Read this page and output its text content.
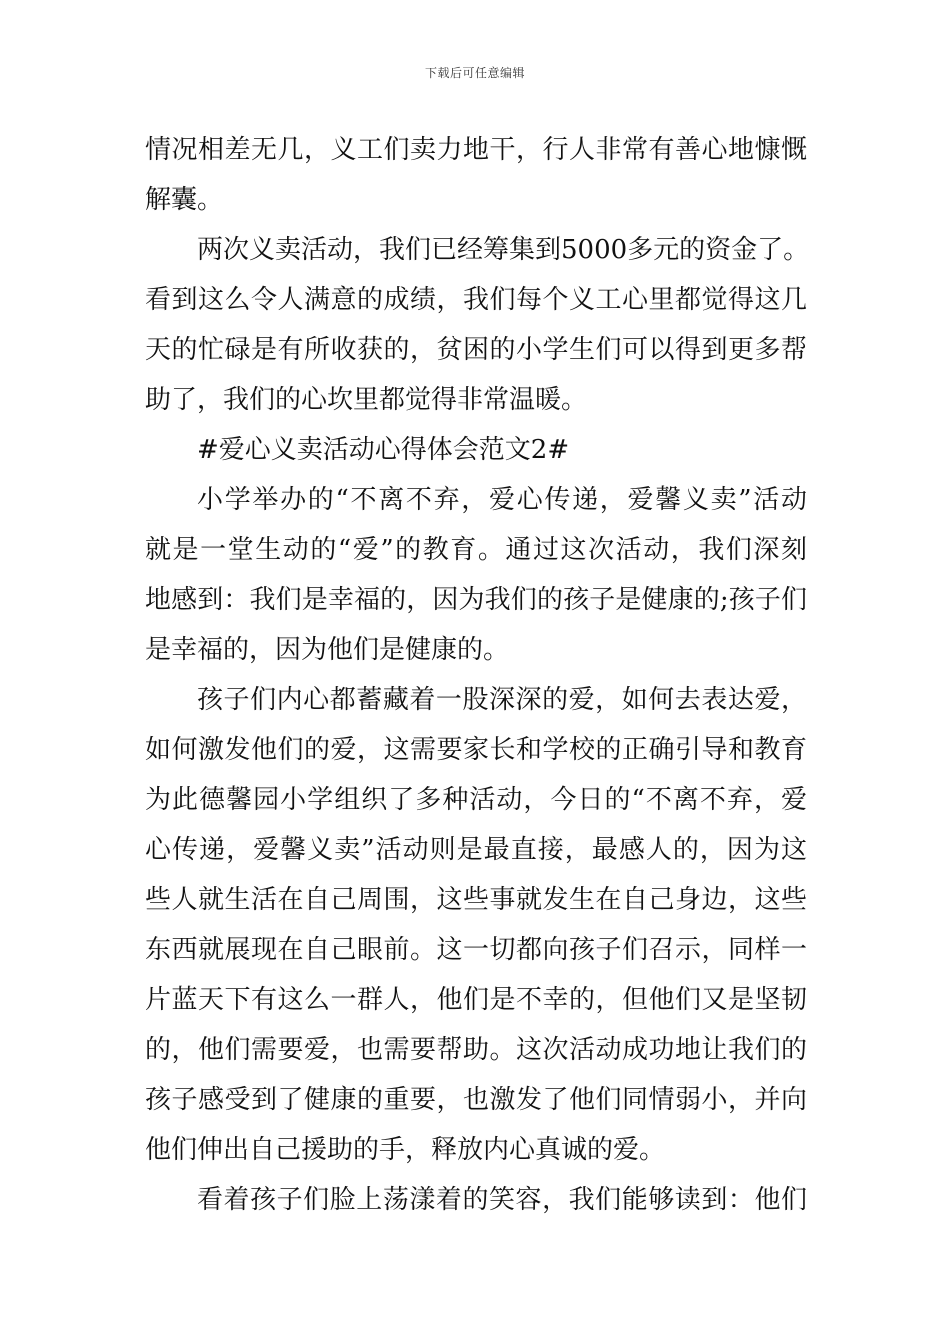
下载后可任意编辑
情况相差无几，义工们卖力地干，行人非常有善心地慷慨
解囊。
两次义卖活动，我们已经筹集到5000多元的资金了。
看到这么令人满意的成绩，我们每个义工心里都觉得这几
天的忙碌是有所收获的，贫困的小学生们可以得到更多帮
助了，我们的心坎里都觉得非常温暖。
#爱心义卖活动心得体会范文2#
小学举办的“不离不弃，爱心传递，爱馨义卖”活动
就是一堂生动的“爱”的教育。通过这次活动，我们深刻
地感到：我们是幸福的，因为我们的孩子是健康的;孩子们
是幸福的，因为他们是健康的。
孩子们内心都蓄藏着一股深深的爱，如何去表达爱，
如何激发他们的爱，这需要家长和学校的正确引导和教育
为此德馨园小学组织了多种活动，今日的“不离不弃，爱
心传递，爱馨义卖”活动则是最直接，最感人的，因为这
些人就生活在自己周围，这些事就发生在自己身边，这些
东西就展现在自己眼前。这一切都向孩子们召示，同样一
片蓝天下有这么一群人，他们是不幸的，但他们又是坚韧
的，他们需要爱，也需要帮助。这次活动成功地让我们的
孩子感受到了健康的重要，也激发了他们同情弱小，并向
他们伸出自己援助的手，释放内心真诚的爱。
看着孩子们脸上荡漾着的笑容，我们能够读到：他们
